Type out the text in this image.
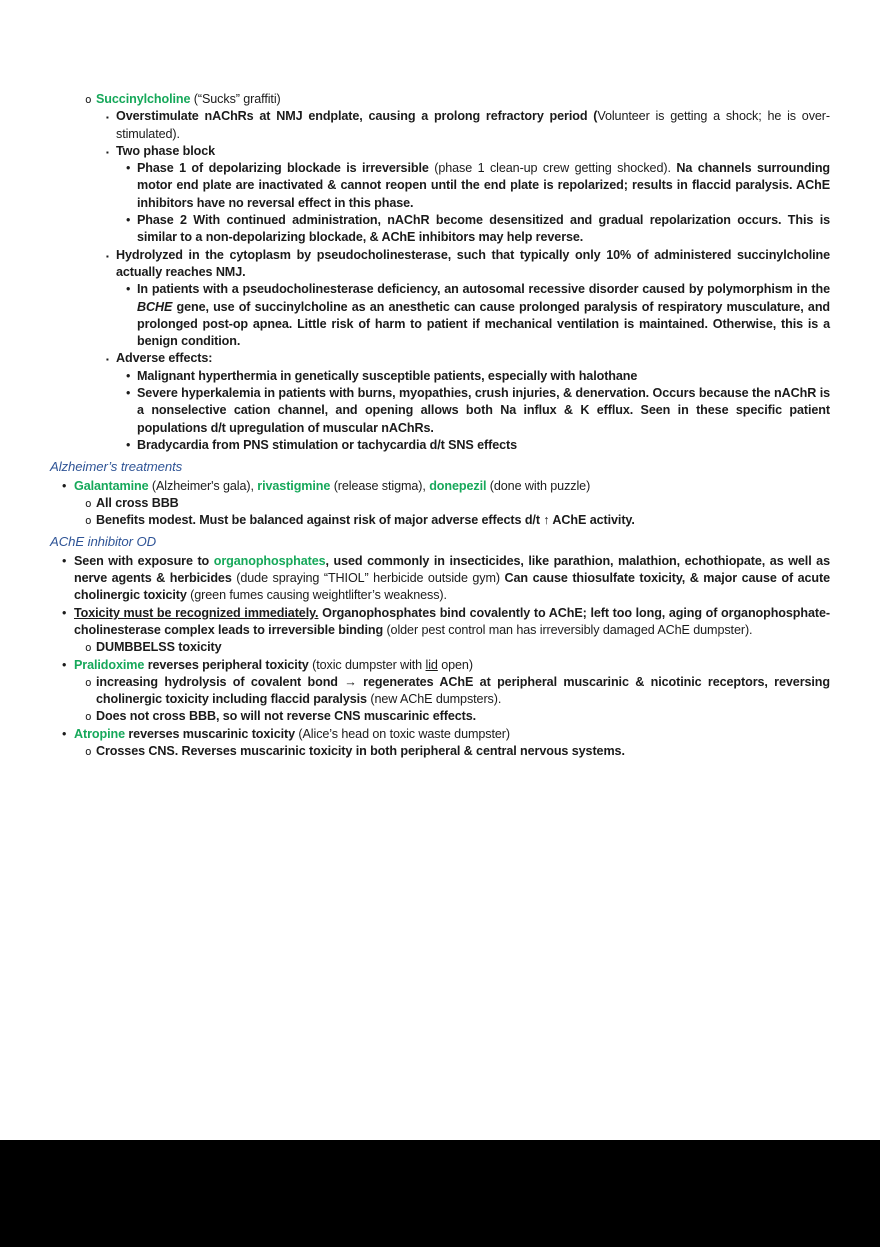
o Succinylcholine (“Sucks” graffiti)
▪ Overstimulate nAChRs at NMJ endplate, causing a prolong refractory period (Volunteer is getting a shock; he is over-stimulated).
▪ Two phase block
• Phase 1 of depolarizing blockade is irreversible (phase 1 clean-up crew getting shocked). Na channels surrounding motor end plate are inactivated & cannot reopen until the end plate is repolarized; results in flaccid paralysis. AChE inhibitors have no reversal effect in this phase.
• Phase 2 With continued administration, nAChR become desensitized and gradual repolarization occurs. This is similar to a non-depolarizing blockade, & AChE inhibitors may help reverse.
▪ Hydrolyzed in the cytoplasm by pseudocholinesterase, such that typically only 10% of administered succinylcholine actually reaches NMJ.
• In patients with a pseudocholinesterase deficiency, an autosomal recessive disorder caused by polymorphism in the BCHE gene, use of succinylcholine as an anesthetic can cause prolonged paralysis of respiratory musculature, and prolonged post-op apnea. Little risk of harm to patient if mechanical ventilation is maintained. Otherwise, this is a benign condition.
▪ Adverse effects:
• Malignant hyperthermia in genetically susceptible patients, especially with halothane
• Severe hyperkalemia in patients with burns, myopathies, crush injuries, & denervation. Occurs because the nAChR is a nonselective cation channel, and opening allows both Na influx & K efflux. Seen in these specific patient populations d/t upregulation of muscular nAChRs.
• Bradycardia from PNS stimulation or tachycardia d/t SNS effects
Alzheimer’s treatments
• Galantamine (Alzheimer's gala), rivastigmine (release stigma), donepezil (done with puzzle)
o All cross BBB
o Benefits modest. Must be balanced against risk of major adverse effects d/t ↑ AChE activity.
AChE inhibitor OD
• Seen with exposure to organophosphates, used commonly in insecticides, like parathion, malathion, echothiopate, as well as nerve agents & herbicides (dude spraying “THIOL” herbicide outside gym) Can cause thiosulfate toxicity, & major cause of acute cholinergic toxicity (green fumes causing weightlifter’s weakness).
• Toxicity must be recognized immediately. Organophosphates bind covalently to AChE; left too long, aging of organophosphate-cholinesterase complex leads to irreversible binding (older pest control man has irreversibly damaged AChE dumpster).
o DUMBBELSS toxicity
• Pralidoxime reverses peripheral toxicity (toxic dumpster with lid open)
o increasing hydrolysis of covalent bond → regenerates AChE at peripheral muscarinic & nicotinic receptors, reversing cholinergic toxicity including flaccid paralysis (new AChE dumpsters).
o Does not cross BBB, so will not reverse CNS muscarinic effects.
• Atropine reverses muscarinic toxicity (Alice’s head on toxic waste dumpster)
o Crosses CNS. Reverses muscarinic toxicity in both peripheral & central nervous systems.
